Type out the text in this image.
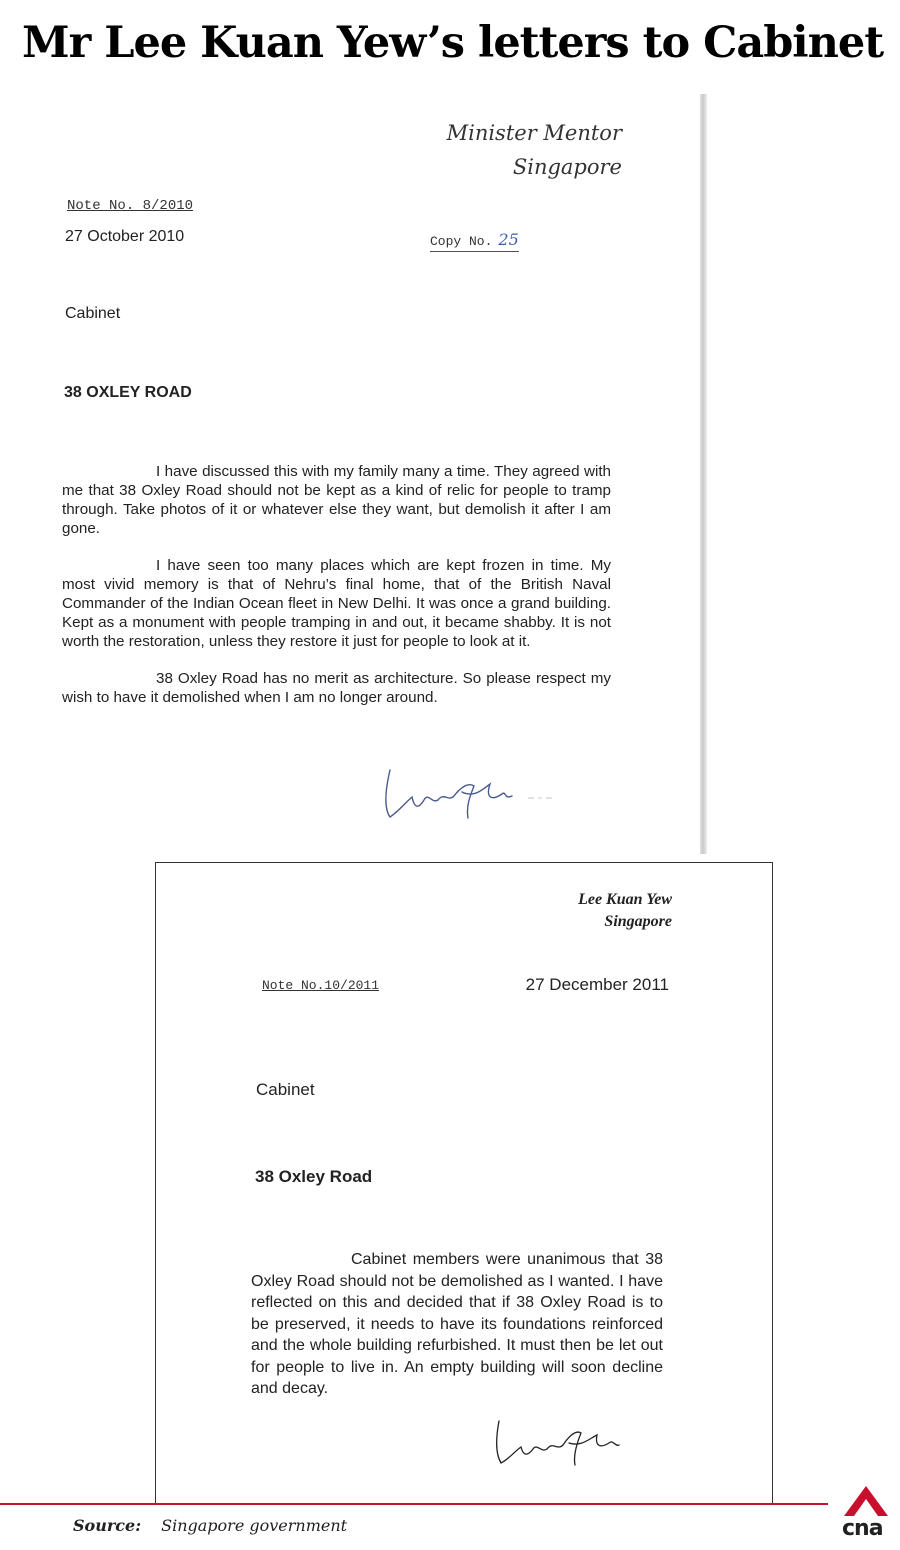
Mr Lee Kuan Yew’s letters to Cabinet
Minister Mentor
Singapore
Note No. 8/2010
27 October 2010	Copy No. 25
Cabinet
38 OXLEY ROAD

I have discussed this with my family many a time. They agreed with me that 38 Oxley Road should not be kept as a kind of relic for people to tramp through. Take photos of it or whatever else they want, but demolish it after I am gone.

I have seen too many places which are kept frozen in time. My most vivid memory is that of Nehru’s final home, that of the British Naval Commander of the Indian Ocean fleet in New Delhi. It was once a grand building. Kept as a monument with people tramping in and out, it became shabby. It is not worth the restoration, unless they restore it just for people to look at it.

38 Oxley Road has no merit as architecture. So please respect my wish to have it demolished when I am no longer around.

Lee Kuan Yew
Singapore
Note No.10/2011	27 December 2011
Cabinet
38 Oxley Road

Cabinet members were unanimous that 38 Oxley Road should not be demolished as I wanted. I have reflected on this and decided that if 38 Oxley Road is to be preserved, it needs to have its foundations reinforced and the whole building refurbished. It must then be let out for people to live in. An empty building will soon decline and decay.

Source: Singapore government	cna
